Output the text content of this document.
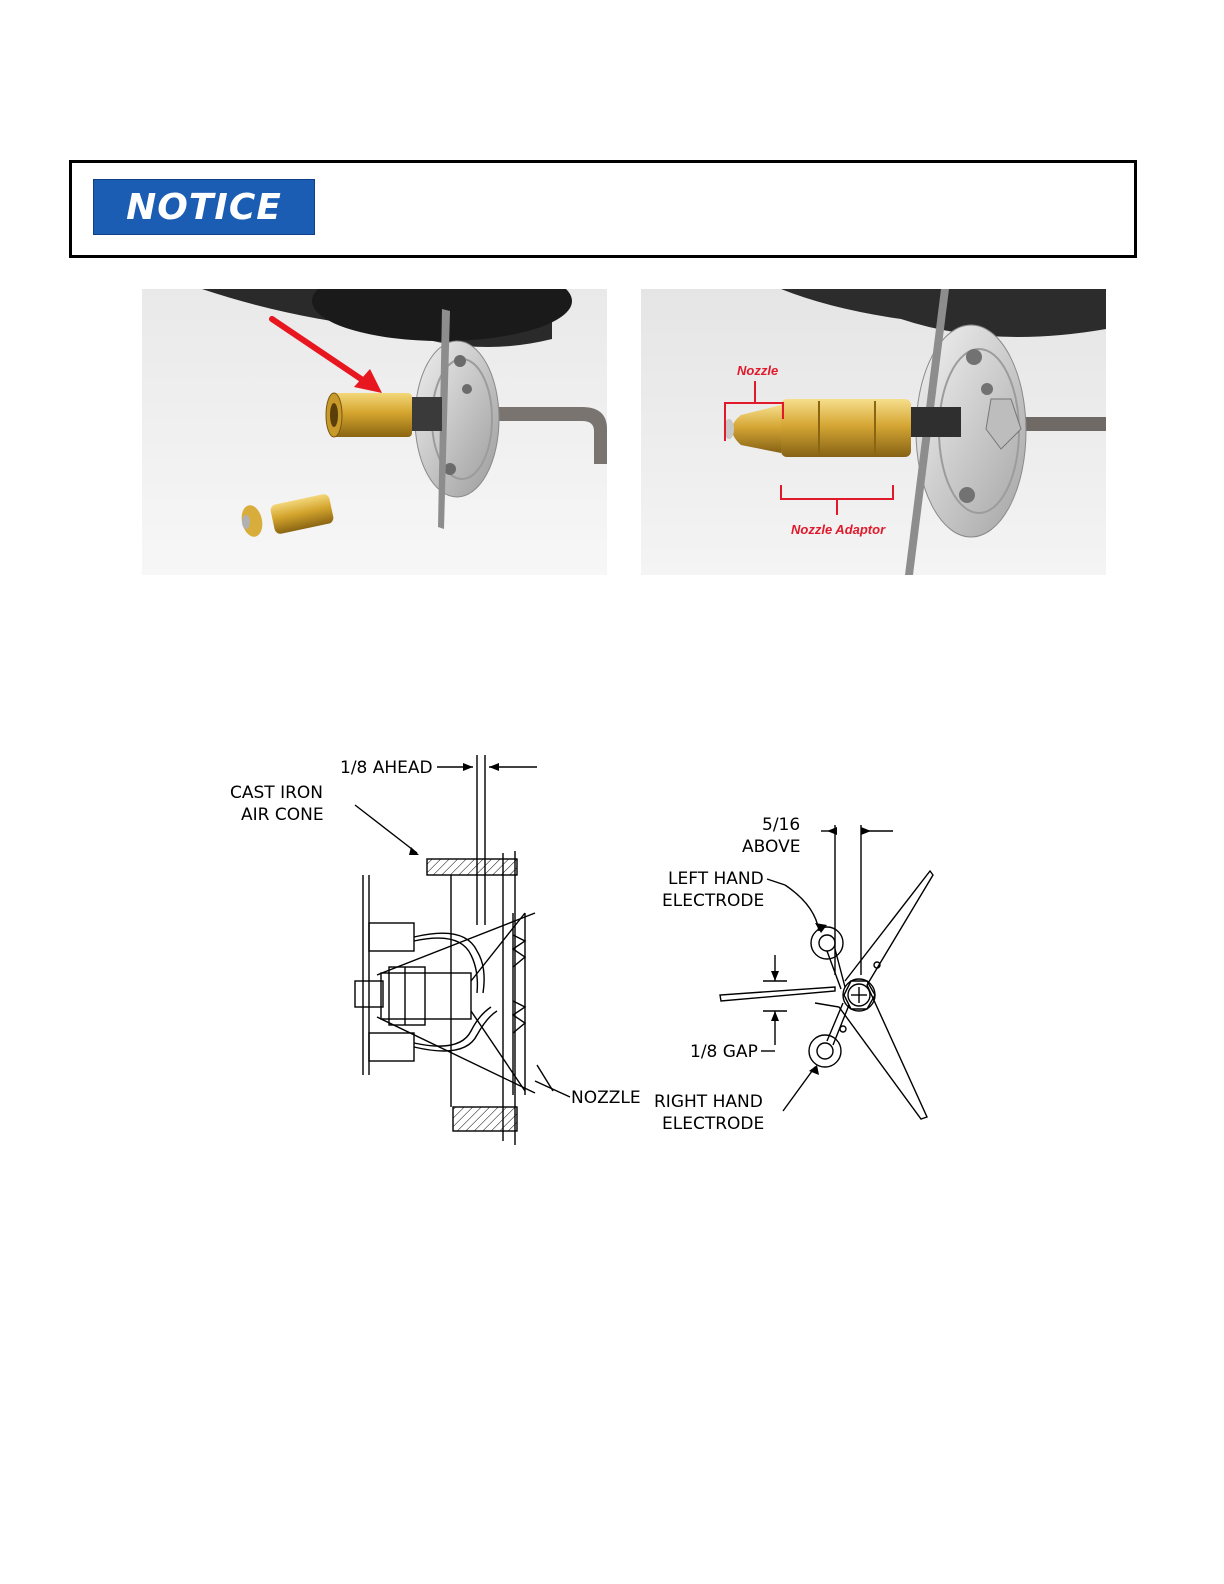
NOTICE
Nozzle
Nozzle Adaptor
1/8 AHEAD
CAST IRON
AIR CONE
NOZZLE
5/16
ABOVE
LEFT HAND
ELECTRODE
1/8 GAP
RIGHT HAND
ELECTRODE
